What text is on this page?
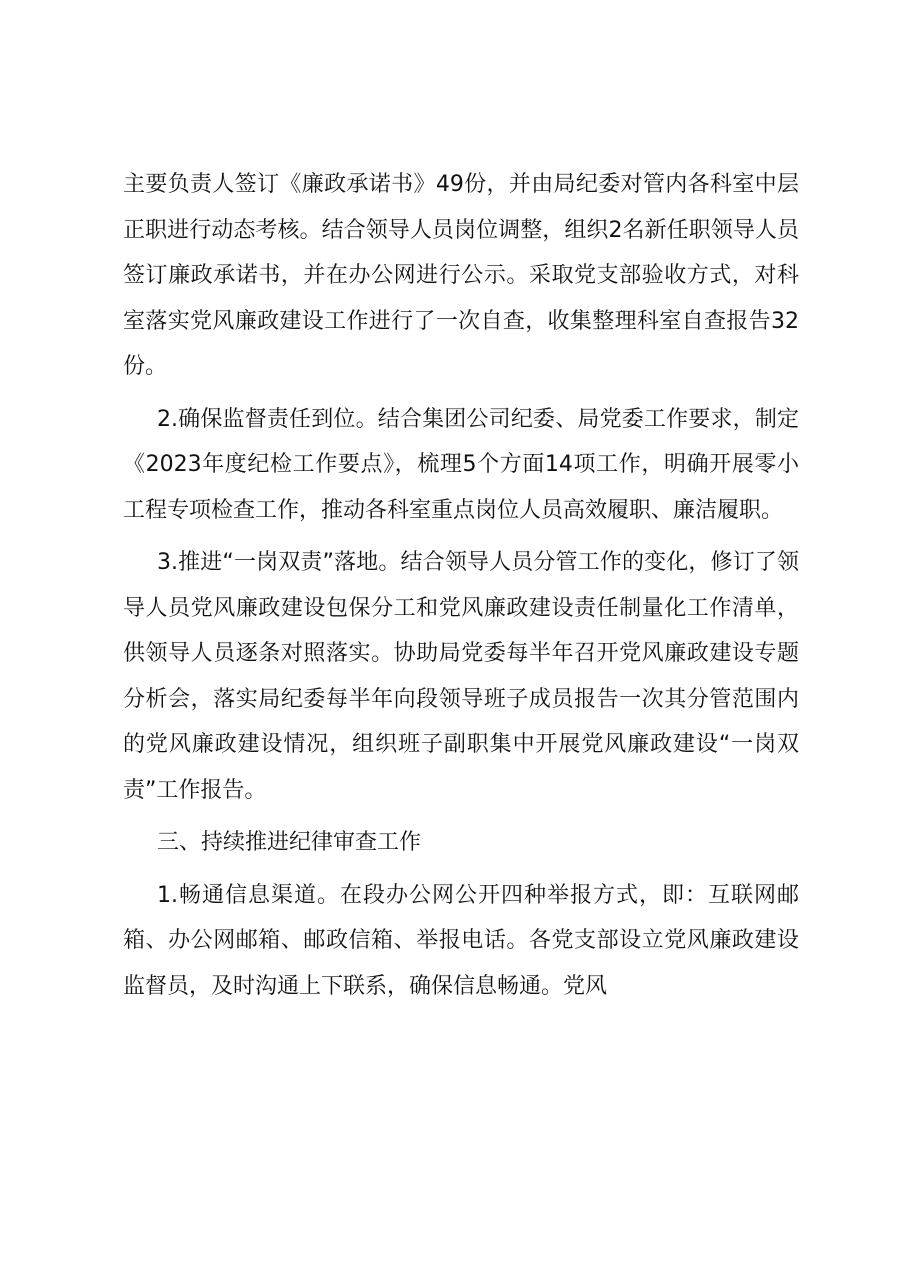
主要负责人签订《廉政承诺书》49份，并由局纪委对管内各科室中层正职进行动态考核。结合领导人员岗位调整，组织2名新任职领导人员签订廉政承诺书，并在办公网进行公示。采取党支部验收方式，对科室落实党风廉政建设工作进行了一次自查，收集整理科室自查报告32份。

2.确保监督责任到位。结合集团公司纪委、局党委工作要求，制定《2023年度纪检工作要点》，梳理5个方面14项工作，明确开展零小工程专项检查工作，推动各科室重点岗位人员高效履职、廉洁履职。

3.推进“一岗双责”落地。结合领导人员分管工作的变化，修订了领导人员党风廉政建设包保分工和党风廉政建设责任制量化工作清单，供领导人员逐条对照落实。协助局党委每半年召开党风廉政建设专题分析会，落实局纪委每半年向段领导班子成员报告一次其分管范围内的党风廉政建设情况，组织班子副职集中开展党风廉政建设“一岗双责”工作报告。

三、持续推进纪律审查工作

1.畅通信息渠道。在段办公网公开四种举报方式，即：互联网邮箱、办公网邮箱、邮政信箱、举报电话。各党支部设立党风廉政建设监督员，及时沟通上下联系，确保信息畅通。党风
